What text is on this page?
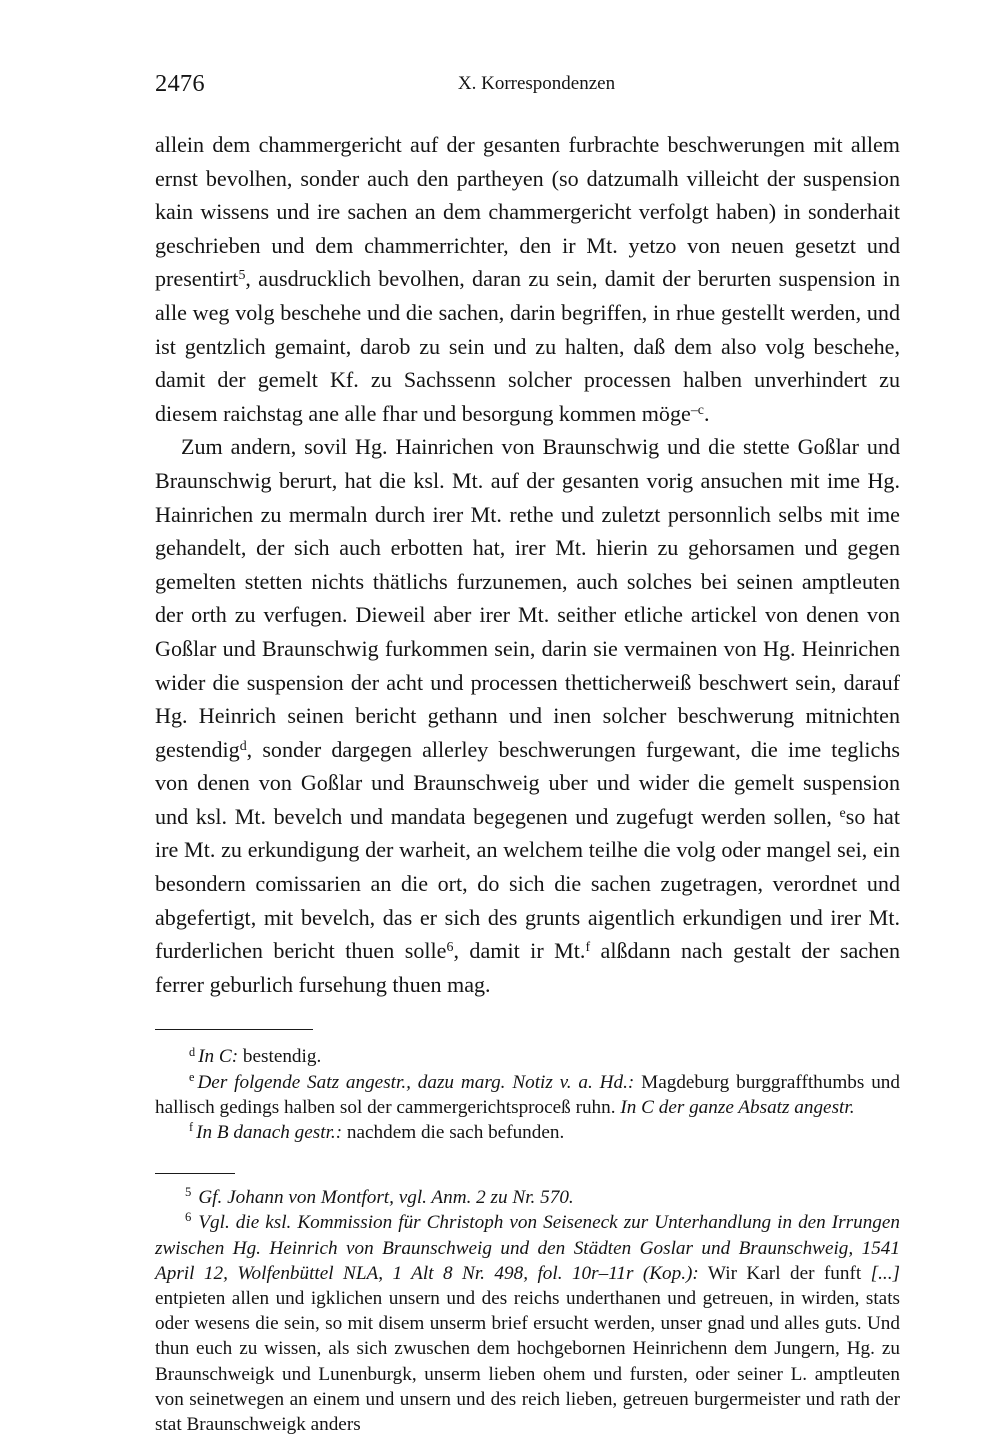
2476	X. Korrespondenzen

allein dem chammergericht auf der gesanten furbrachte beschwerungen mit allem ernst bevolhen, sonder auch den partheyen (so datzumalh villeicht der suspension kain wissens und ire sachen an dem chammergericht verfolgt haben) in sonderhait geschrieben und dem chammerrichter, den ir Mt. yetzo von neuen gesetzt und presentirt$^5$, ausdrucklich bevolhen, daran zu sein, damit der berurten suspension in alle weg volg beschehe und die sachen, darin begriffen, in rhue gestellt werden, und ist gentzlich gemaint, darob zu sein und zu halten, daß dem also volg beschehe, damit der gemelt Kf. zu Sachssenn solcher processen halben unverhindert zu diesem raichstag ane alle fhar und besorgung kommen möge$^{-c}$.

Zum andern, sovil Hg. Hainrichen von Braunschwig und die stette Goßlar und Braunschwig berurt, hat die ksl. Mt. auf der gesanten vorig ansuchen mit ime Hg. Hainrichen zu mermaln durch irer Mt. rethe und zuletzt personnlich selbs mit ime gehandelt, der sich auch erbotten hat, irer Mt. hierin zu gehorsamen und gegen gemelten stetten nichts thätlichs furzunemen, auch solches bei seinen amptleuten der orth zu verfugen. Dieweil aber irer Mt. seither etliche artickel von denen von Goßlar und Braunschwig furkommen sein, darin sie vermainen von Hg. Heinrichen wider die suspension der acht und processen thetticherweiß beschwert sein, darauf Hg. Heinrich seinen bericht gethann und inen solcher beschwerung mitnichten gestendig$^d$, sonder dargegen allerley beschwerungen furgewant, die ime teglichs von denen von Goßlar und Braunschweig uber und wider die gemelt suspension und ksl. Mt. bevelch und mandata begegenen und zugefugt werden sollen, $^e$so hat ire Mt. zu erkundigung der warheit, an welchem teilhe die volg oder mangel sei, ein besondern comissarien an die ort, do sich die sachen zugetragen, verordnet und abgefertigt, mit bevelch, das er sich des grunts aigentlich erkundigen und irer Mt. furderlichen bericht thuen solle$^6$, damit ir Mt.$^f$ alßdann nach gestalt der sachen ferrer geburlich fursehung thuen mag.

$^d$ In C: bestendig.

$^e$ Der folgende Satz angestr., dazu marg. Notiz v. a. Hd.: Magdeburg burggraffthumbs und hallisch gedings halben sol der cammergerichtsproceß ruhn. In C der ganze Absatz angestr.

$^f$ In B danach gestr.: nachdem die sach befunden.

$^5$ Gf. Johann von Montfort, vgl. Anm. 2 zu Nr. 570.

$^6$ Vgl. die ksl. Kommission für Christoph von Seiseneck zur Unterhandlung in den Irrungen zwischen Hg. Heinrich von Braunschweig und den Städten Goslar und Braunschweig, 1541 April 12, Wolfenbüttel NLA, 1 Alt 8 Nr. 498, fol. 10r–11r (Kop.): Wir Karl der funft [...] entpieten allen und igklichen unsern und des reichs underthanen und getreuen, in wirden, stats oder wesens die sein, so mit disem unserm brief ersucht werden, unser gnad und alles guts. Und thun euch zu wissen, als sich zwuschen dem hochgebornen Heinrichenn dem Jungern, Hg. zu Braunschweigk und Lunenburgk, unserm lieben ohem und fursten, oder seiner L. amptleuten von seinetwegen an einem und unsern und des reich lieben, getreuen burgermeister und rath der stat Braunschweigk anders
